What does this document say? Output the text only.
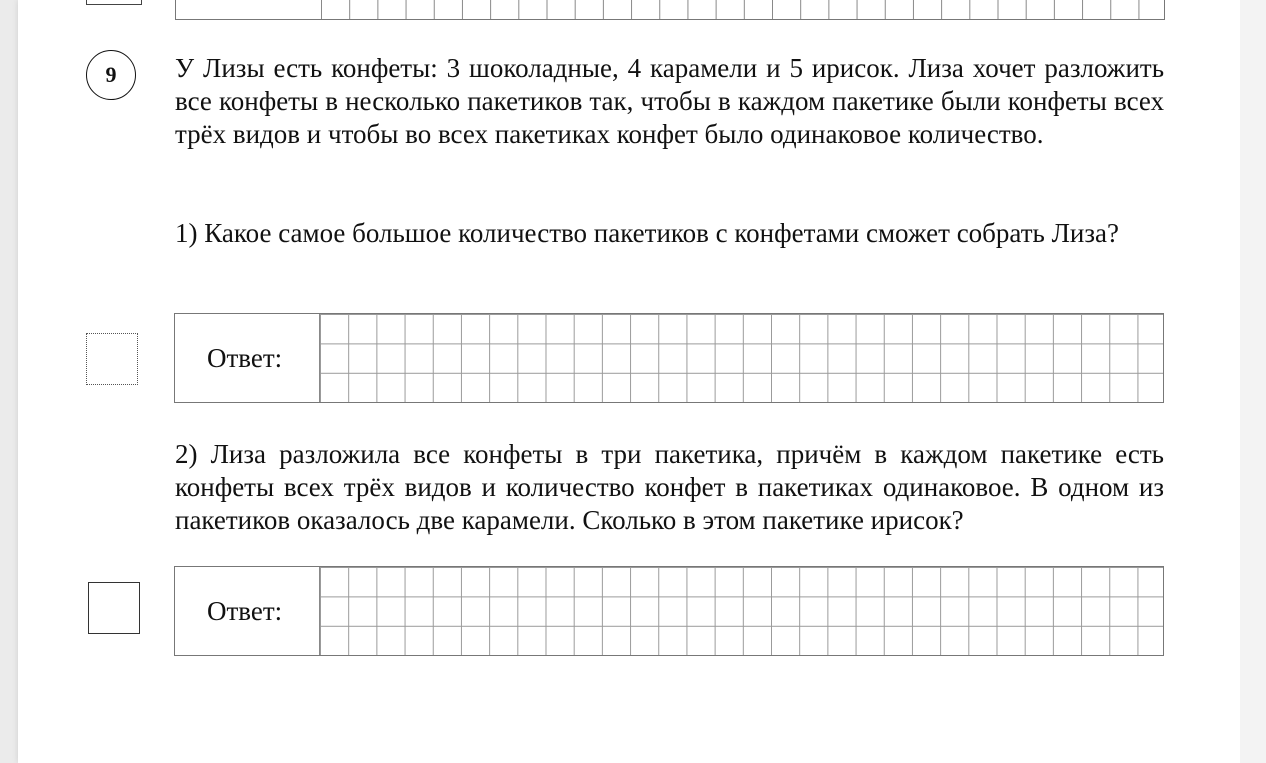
9 У Лизы есть конфеты: 3 шоколадные, 4 карамели и 5 ирисок. Лиза хочет разложить все конфеты в несколько пакетиков так, чтобы в каждом пакетике были конфеты всех трёх видов и чтобы во всех пакетиках конфет было одинаковое количество.

1) Какое самое большое количество пакетиков с конфетами сможет собрать Лиза?

Ответ:

2) Лиза разложила все конфеты в три пакетика, причём в каждом пакетике есть конфеты всех трёх видов и количество конфет в пакетиках одинаковое. В одном из пакетиков оказалось две карамели. Сколько в этом пакетике ирисок?

Ответ:
